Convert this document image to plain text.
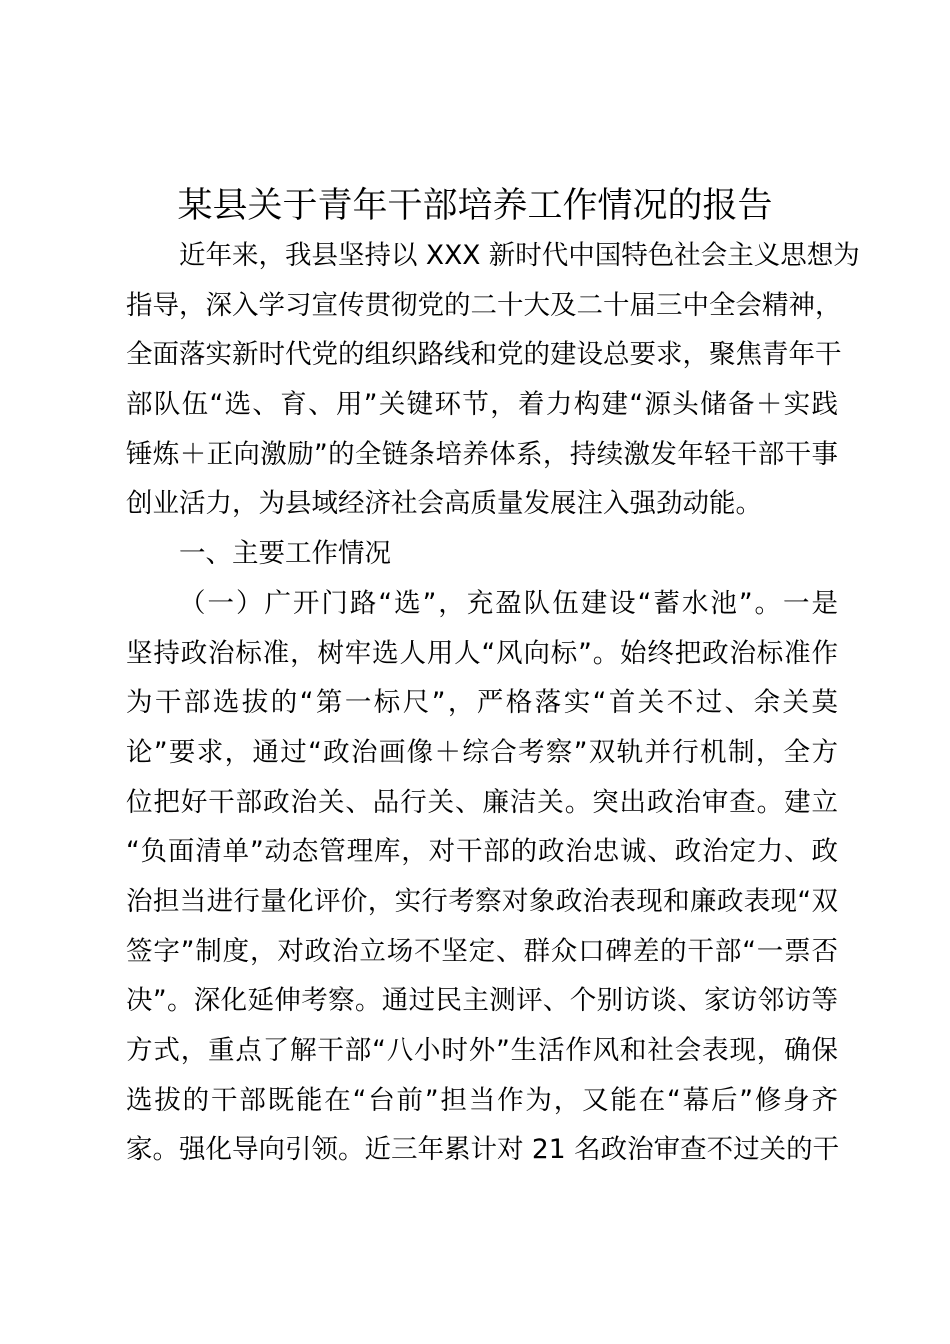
某县关于青年干部培养工作情况的报告
近年来，我县坚持以 XXX 新时代中国特色社会主义思想为
指导，深入学习宣传贯彻党的二十大及二十届三中全会精神，
全面落实新时代党的组织路线和党的建设总要求，聚焦青年干
部队伍“选、育、用”关键环节，着力构建“源头储备＋实践
锤炼＋正向激励”的全链条培养体系，持续激发年轻干部干事
创业活力，为县域经济社会高质量发展注入强劲动能。
一、主要工作情况
（一）广开门路“选”，充盈队伍建设“蓄水池”。一是
坚持政治标准，树牢选人用人“风向标”。始终把政治标准作
为干部选拔的“第一标尺”，严格落实“首关不过、余关莫
论”要求，通过“政治画像＋综合考察”双轨并行机制，全方
位把好干部政治关、品行关、廉洁关。突出政治审查。建立
“负面清单”动态管理库，对干部的政治忠诚、政治定力、政
治担当进行量化评价，实行考察对象政治表现和廉政表现“双
签字”制度，对政治立场不坚定、群众口碑差的干部“一票否
决”。深化延伸考察。通过民主测评、个别访谈、家访邻访等
方式，重点了解干部“八小时外”生活作风和社会表现，确保
选拔的干部既能在“台前”担当作为，又能在“幕后”修身齐
家。强化导向引领。近三年累计对 21 名政治审查不过关的干
